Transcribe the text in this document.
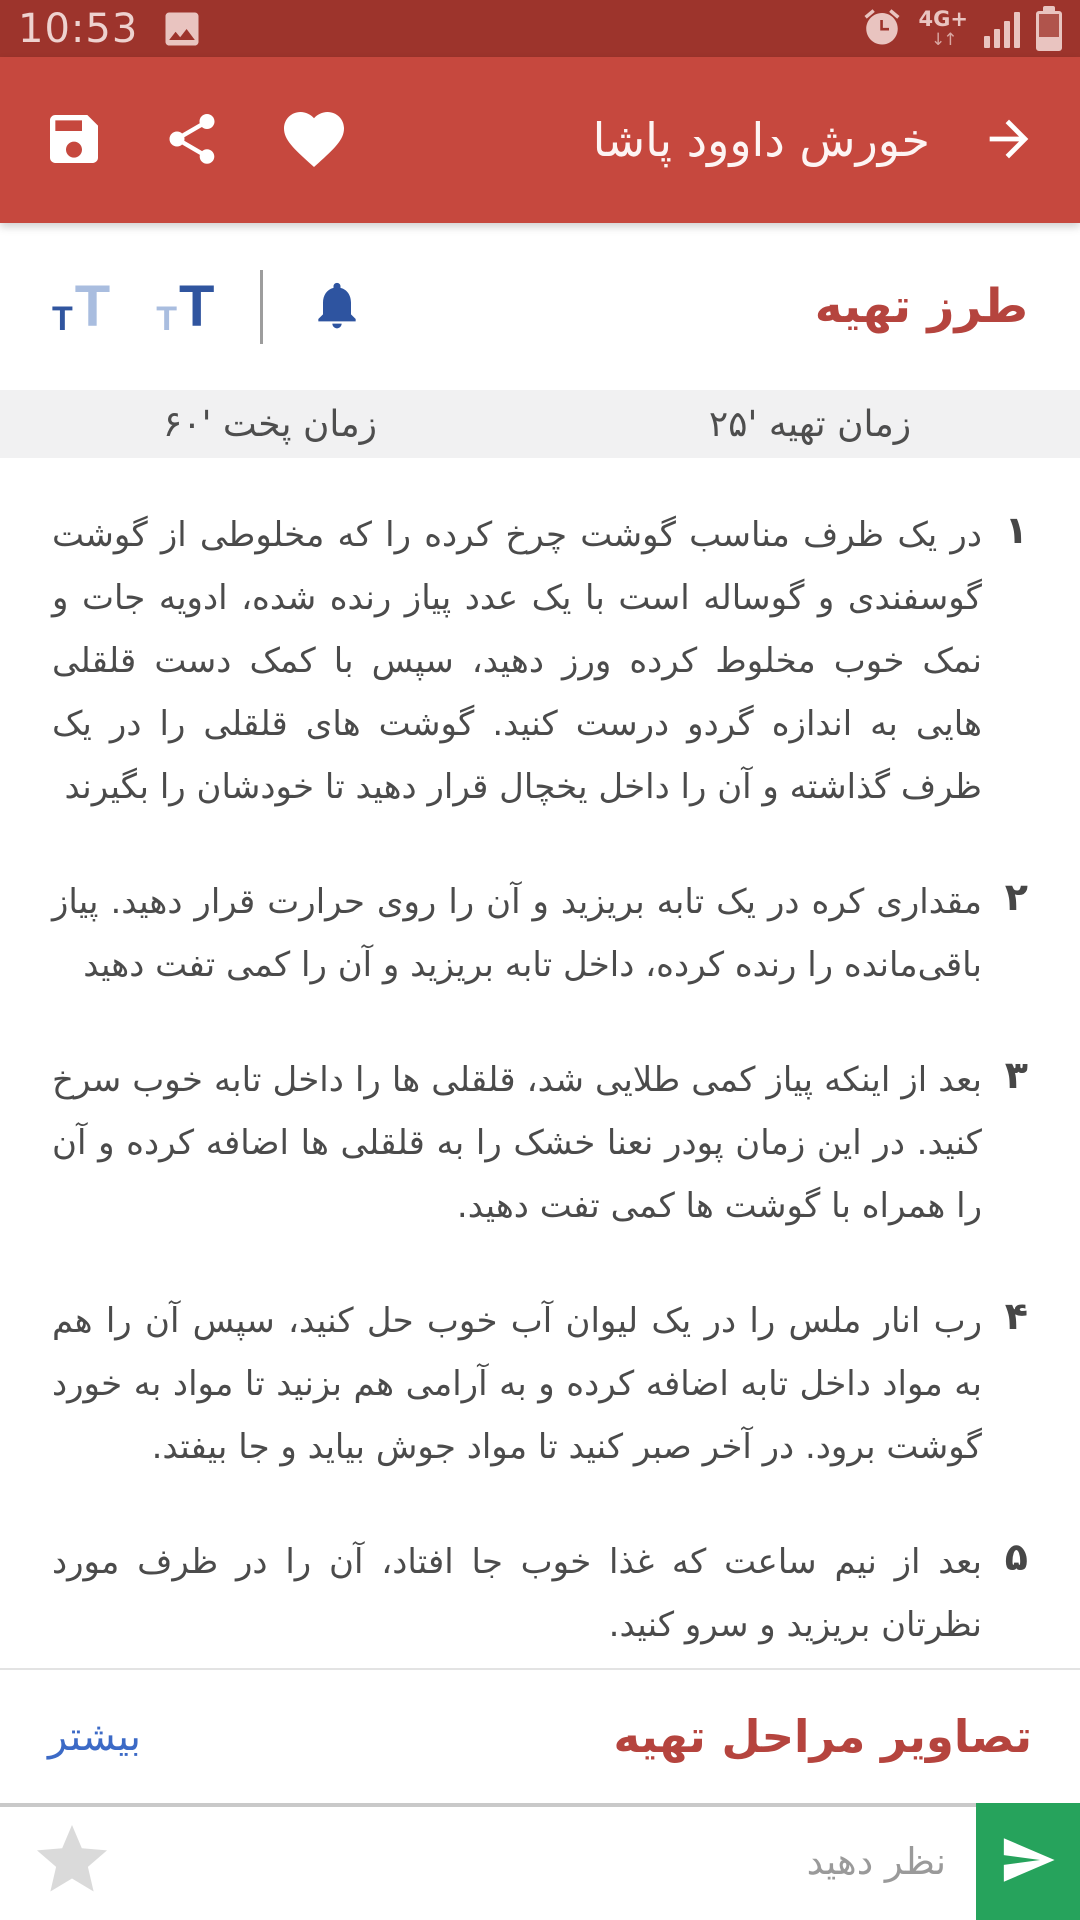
10:53	4G+
↓↑
خورش داوود پاشا
T T T T	طرز تهیه
زمان تهیه '۲۵
زمان پخت '۶۰
۱
در یک ظرف مناسب گوشت چرخ کرده را که مخلوطی از گوشت گوسفندی و گوساله است با یک عدد پیاز رنده شده، ادویه جات و نمک خوب مخلوط کرده ورز دهید، سپس با کمک دست قلقلی هایی به اندازه گردو درست کنید. گوشت های قلقلی را در یک ظرف گذاشته و آن را داخل یخچال قرار دهید تا خودشان را بگیرند
۲
مقداری کره در یک تابه بریزید و آن را روی حرارت قرار دهید. پیاز باقی‌مانده را رنده کرده، داخل تابه بریزید و آن را کمی تفت دهید
۳
بعد از اینکه پیاز کمی طلایی شد، قلقلی ها را داخل تابه خوب سرخ کنید. در این زمان پودر نعنا خشک را به قلقلی ها اضافه کرده و آن را همراه با گوشت ها کمی تفت دهید.
۴
رب انار ملس را در یک لیوان آب خوب حل کنید، سپس آن را هم به مواد داخل تابه اضافه کرده و به آرامی هم بزنید تا مواد به خورد گوشت برود. در آخر صبر کنید تا مواد جوش بیاید و جا بیفتد.
۵
بعد از نیم ساعت که غذا خوب جا افتاد، آن را در ظرف مورد نظرتان بریزید و سرو کنید.
بیشتر	تصاویر مراحل تهیه
نظر دهید
